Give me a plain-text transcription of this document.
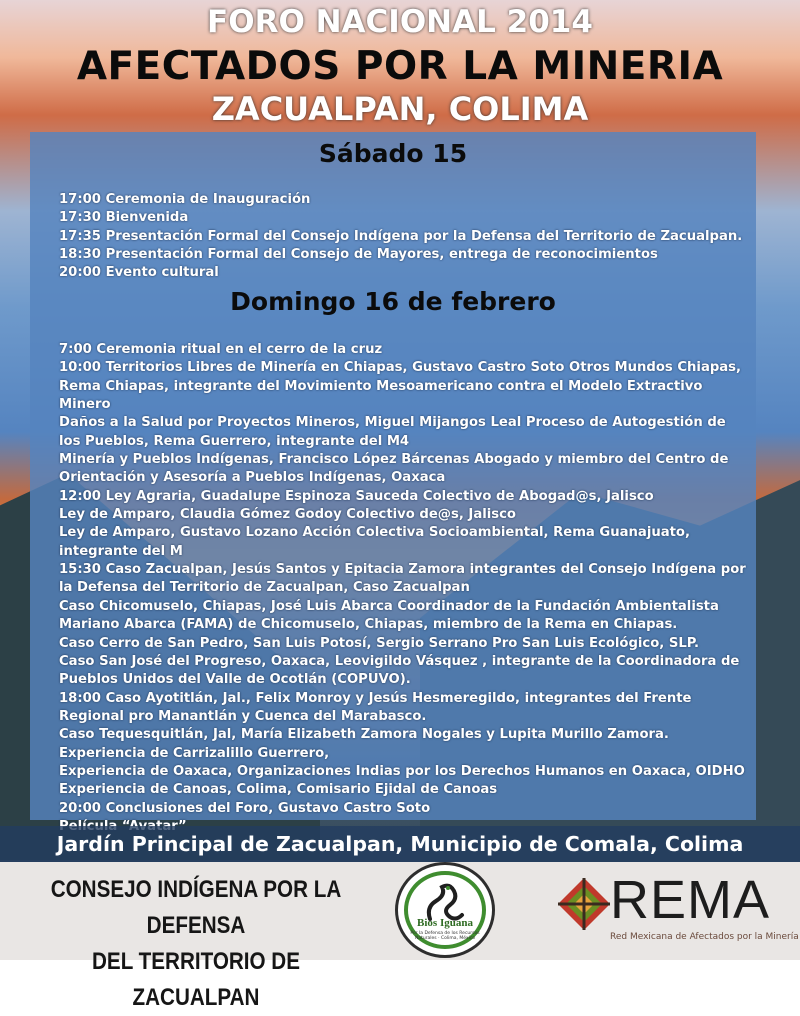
FORO NACIONAL 2014
AFECTADOS POR LA MINERIA
ZACUALPAN, COLIMA
Sábado 15
17:00 Ceremonia de Inauguración
17:30 Bienvenida
17:35 Presentación Formal del Consejo Indígena por la Defensa del Territorio de Zacualpan.
18:30 Presentación Formal del Consejo de Mayores, entrega de reconocimientos
20:00 Evento cultural
Domingo 16 de febrero
7:00 Ceremonia ritual en el cerro de la cruz
10:00 Territorios Libres de Minería en Chiapas, Gustavo Castro Soto Otros Mundos Chiapas, Rema Chiapas, integrante del Movimiento Mesoamericano contra el Modelo Extractivo Minero
Daños a la Salud por Proyectos Mineros, Miguel Mijangos Leal Proceso de Autogestión de los Pueblos, Rema Guerrero, integrante del M4
Minería y Pueblos Indígenas, Francisco López Bárcenas Abogado y miembro del Centro de Orientación y Asesoría a Pueblos Indígenas, Oaxaca
12:00 Ley Agraria, Guadalupe Espinoza Sauceda Colectivo de Abogad@s, Jalisco
Ley de Amparo, Claudia Gómez Godoy Colectivo de@s, Jalisco
Ley de Amparo, Gustavo Lozano Acción Colectiva Socioambiental, Rema Guanajuato, integrante del M
15:30 Caso Zacualpan, Jesús Santos y Epitacia Zamora integrantes del Consejo Indígena por la Defensa del Territorio de Zacualpan, Caso Zacualpan
Caso Chicomuselo, Chiapas, José Luis Abarca Coordinador de la Fundación Ambientalista Mariano Abarca (FAMA) de Chicomuselo, Chiapas, miembro de la Rema en Chiapas.
Caso Cerro de San Pedro, San Luis Potosí, Sergio Serrano Pro San Luis Ecológico, SLP.
Caso San José del Progreso, Oaxaca, Leovigildo Vásquez , integrante de la Coordinadora de Pueblos Unidos del Valle de Ocotlán (COPUVO).
18:00 Caso Ayotitlán, Jal., Felix Monroy y Jesús Hesmeregildo, integrantes del Frente Regional pro Manantlán y Cuenca del Marabasco.
Caso Tequesquitlán, Jal, María Elizabeth Zamora Nogales y Lupita Murillo Zamora.
Experiencia de Carrizalillo Guerrero,
Experiencia de Oaxaca, Organizaciones Indias por los Derechos Humanos en Oaxaca, OIDHO
Experiencia de Canoas, Colima, Comisario Ejidal de Canoas
20:00 Conclusiones del Foro, Gustavo Castro Soto
Jardín Principal de Zacualpan, Municipio de Comala, Colima
CONSEJO INDÍGENA POR LA DEFENSA
DEL TERRITORIO DE ZACUALPAN
Bios Iguana
Por la Defensa de los Recursos Naturales · Colima, México
REMA
Red Mexicana de Afectados por la Minería
